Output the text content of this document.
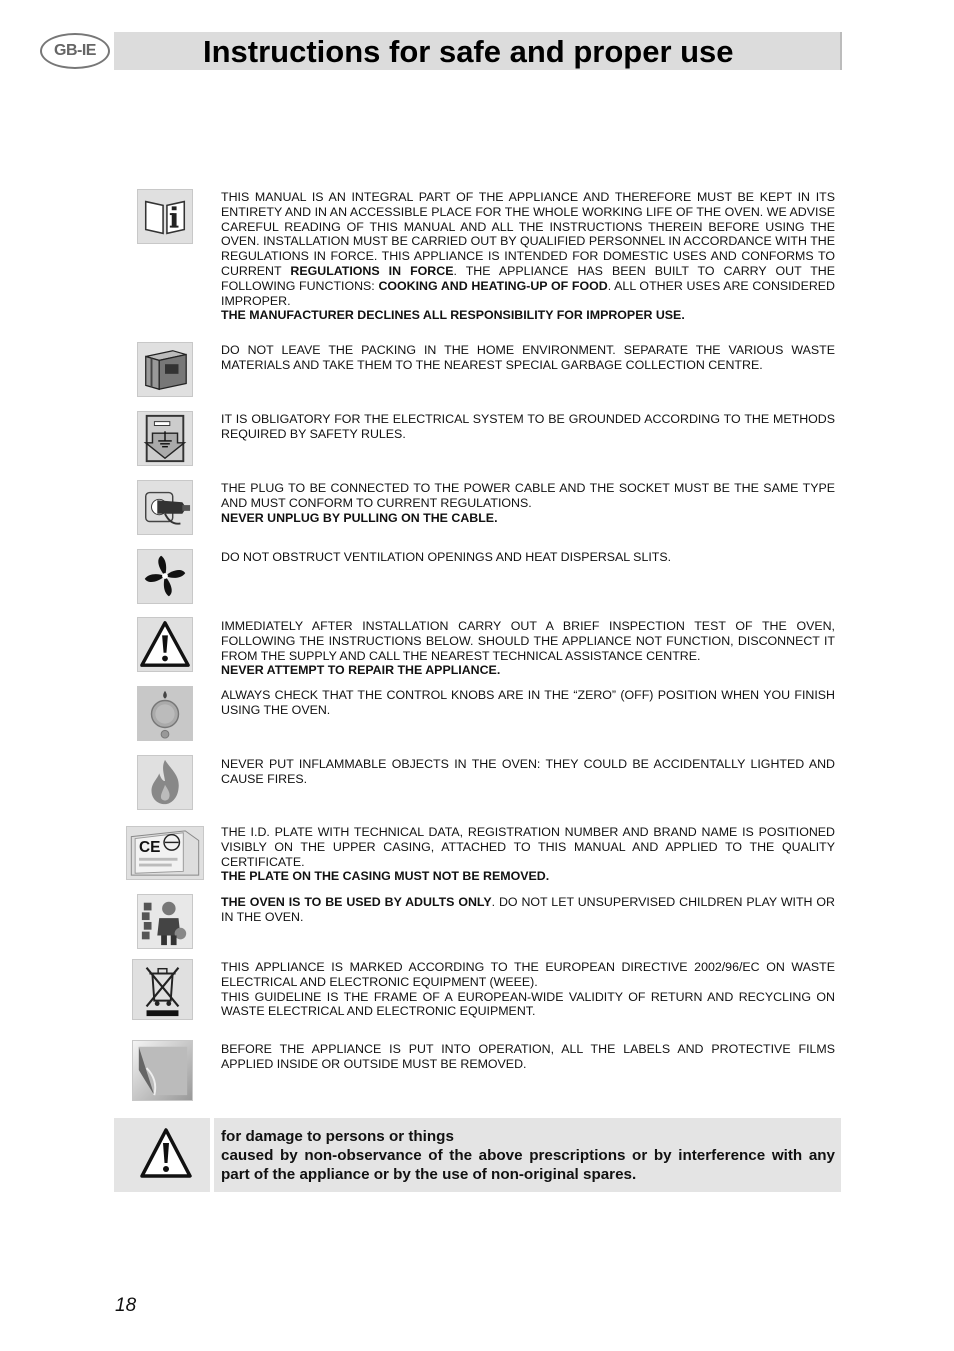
GB-IE	Instructions for safe and proper use
CE

THIS MANUAL IS AN INTEGRAL PART OF THE APPLIANCE AND THEREFORE MUST BE KEPT IN ITS ENTIRETY AND IN AN ACCESSIBLE PLACE FOR THE WHOLE WORKING LIFE OF THE OVEN. WE ADVISE CAREFUL READING OF THIS MANUAL AND ALL THE INSTRUCTIONS THEREIN BEFORE USING THE OVEN. INSTALLATION MUST BE CARRIED OUT BY QUALIFIED PERSONNEL IN ACCORDANCE WITH THE REGULATIONS IN FORCE. THIS APPLIANCE IS INTENDED FOR DOMESTIC USES AND CONFORMS TO CURRENT REGULATIONS IN FORCE. THE APPLIANCE HAS BEEN BUILT TO CARRY OUT THE FOLLOWING FUNCTIONS: COOKING AND HEATING-UP OF FOOD. ALL OTHER USES ARE CONSIDERED IMPROPER.

THE MANUFACTURER DECLINES ALL RESPONSIBILITY FOR IMPROPER USE.

DO NOT LEAVE THE PACKING IN THE HOME ENVIRONMENT. SEPARATE THE VARIOUS WASTE MATERIALS AND TAKE THEM TO THE NEAREST SPECIAL GARBAGE COLLECTION CENTRE.

IT IS OBLIGATORY FOR THE ELECTRICAL SYSTEM TO BE GROUNDED ACCORDING TO THE METHODS REQUIRED BY SAFETY RULES.

THE PLUG TO BE CONNECTED TO THE POWER CABLE AND THE SOCKET MUST BE THE SAME TYPE AND MUST CONFORM TO CURRENT REGULATIONS.

NEVER UNPLUG BY PULLING ON THE CABLE.

DO NOT OBSTRUCT VENTILATION OPENINGS AND HEAT DISPERSAL SLITS.

IMMEDIATELY AFTER INSTALLATION CARRY OUT A BRIEF INSPECTION TEST OF THE OVEN, FOLLOWING THE INSTRUCTIONS BELOW. SHOULD THE APPLIANCE NOT FUNCTION, DISCONNECT IT FROM THE SUPPLY AND CALL THE NEAREST TECHNICAL ASSISTANCE CENTRE.

NEVER ATTEMPT TO REPAIR THE APPLIANCE.

ALWAYS CHECK THAT THE CONTROL KNOBS ARE IN THE “ZERO” (OFF) POSITION WHEN YOU FINISH USING THE OVEN.

NEVER PUT INFLAMMABLE OBJECTS IN THE OVEN: THEY COULD BE ACCIDENTALLY LIGHTED AND CAUSE FIRES.

THE I.D. PLATE WITH TECHNICAL DATA, REGISTRATION NUMBER AND BRAND NAME IS POSITIONED VISIBLY ON THE UPPER CASING, ATTACHED TO THIS MANUAL AND APPLIED TO THE QUALITY CERTIFICATE.

THE PLATE ON THE CASING MUST NOT BE REMOVED.

THE OVEN IS TO BE USED BY ADULTS ONLY. DO NOT LET UNSUPERVISED CHILDREN PLAY WITH OR IN THE OVEN.

THIS APPLIANCE IS MARKED ACCORDING TO THE EUROPEAN DIRECTIVE 2002/96/EC ON WASTE ELECTRICAL AND ELECTRONIC EQUIPMENT (WEEE).

THIS GUIDELINE IS THE FRAME OF A EUROPEAN-WIDE VALIDITY OF RETURN AND RECYCLING ON WASTE ELECTRICAL AND ELECTRONIC EQUIPMENT.

BEFORE THE APPLIANCE IS PUT INTO OPERATION, ALL THE LABELS AND PROTECTIVE FILMS APPLIED INSIDE OR OUTSIDE MUST BE REMOVED.

for damage to persons or things
caused by non-observance of the above prescriptions or by interference with any part of the appliance or by the use of non-original spares.
18
